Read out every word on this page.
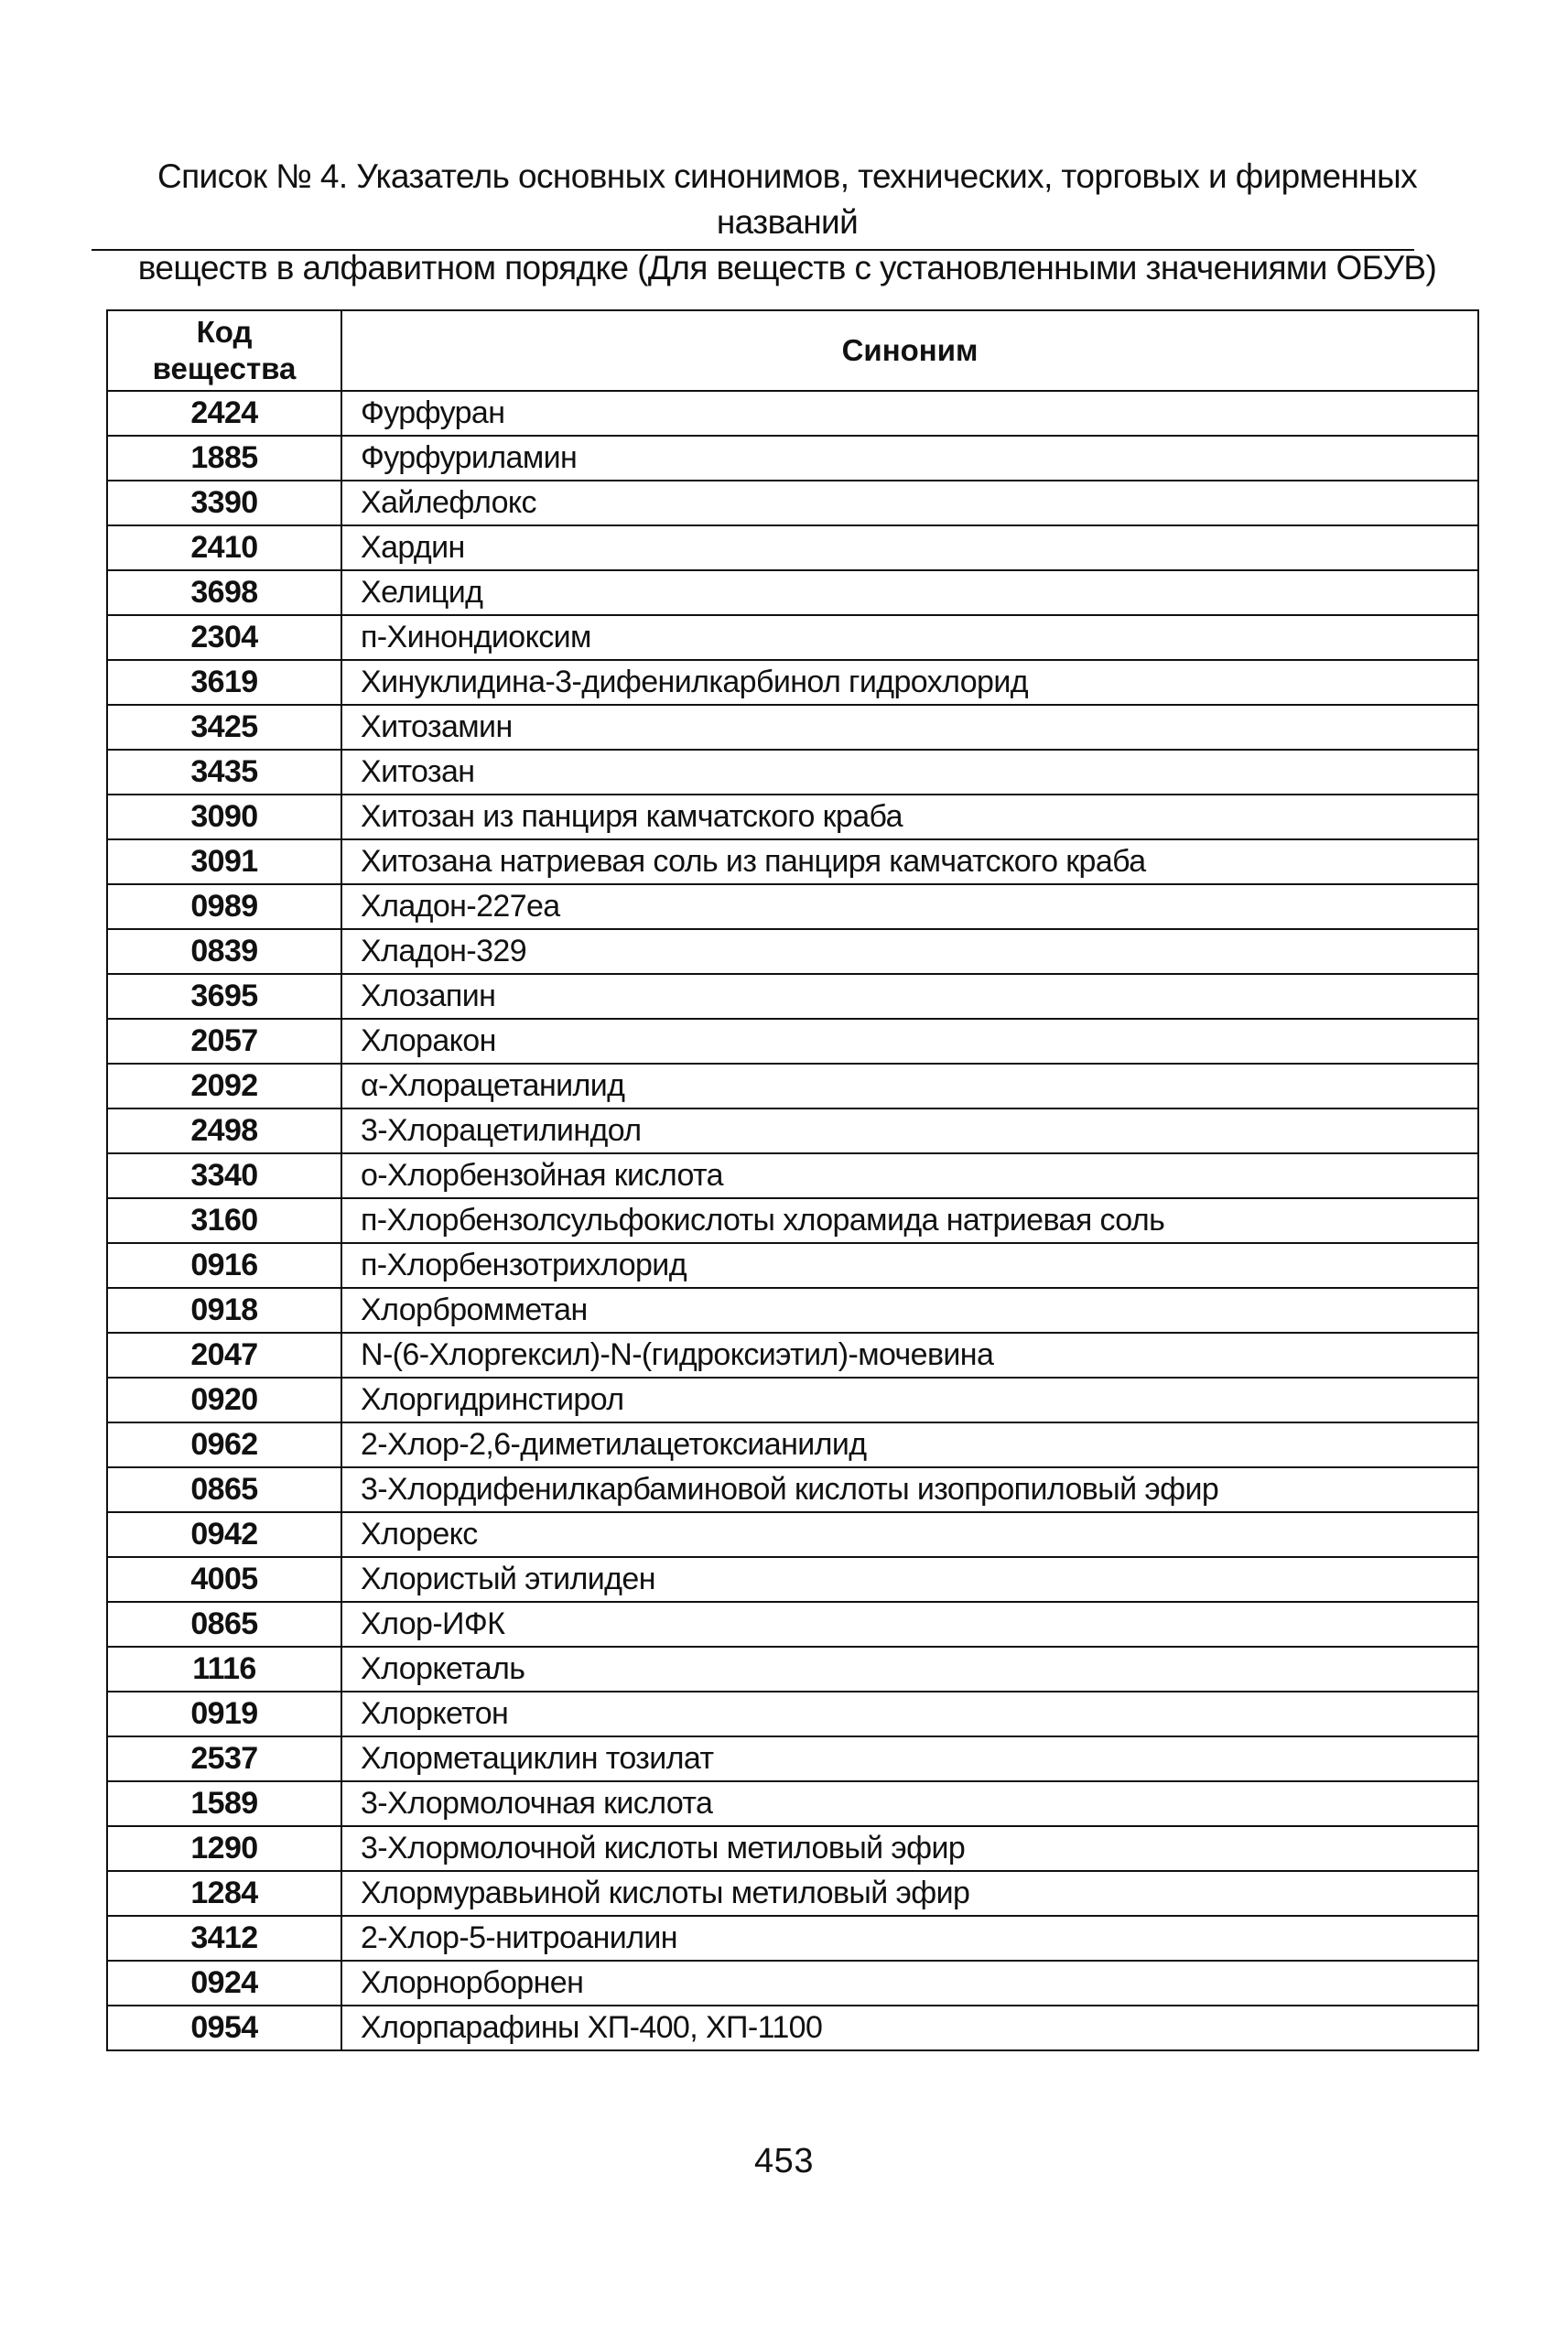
Список № 4. Указатель основных синонимов, технических, торговых и фирменных названий
веществ в алфавитном порядке (Для веществ с установленными значениями ОБУВ)
Код
вещества	Синоним
2424	Фурфуран
1885	Фурфуриламин
3390	Хайлефлокс
2410	Хардин
3698	Хелицид
2304	п-Хинондиоксим
3619	Хинуклидина-3-дифенилкарбинол гидрохлорид
3425	Хитозамин
3435	Хитозан
3090	Хитозан из панциря камчатского краба
3091	Хитозана натриевая соль из панциря камчатского краба
0989	Хладон-227еа
0839	Хладон-329
3695	Хлозапин
2057	Хлоракон
2092	α-Хлорацетанилид
2498	3-Хлорацетилиндол
3340	о-Хлорбензойная кислота
3160	п-Хлорбензолсульфокислоты хлорамида натриевая соль
0916	п-Хлорбензотрихлорид
0918	Хлорбромметан
2047	N-(6-Хлоргексил)-N-(гидроксиэтил)-мочевина
0920	Хлоргидринстирол
0962	2-Хлор-2,6-диметилацетоксианилид
0865	3-Хлордифенилкарбаминовой кислоты изопропиловый эфир
0942	Хлорекс
4005	Хлористый этилиден
0865	Хлор-ИФК
1116	Хлоркеталь
0919	Хлоркетон
2537	Хлорметациклин тозилат
1589	3-Хлормолочная кислота
1290	3-Хлормолочной кислоты метиловый эфир
1284	Хлормуравьиной кислоты метиловый эфир
3412	2-Хлор-5-нитроанилин
0924	Хлорнорборнен
0954	Хлорпарафины ХП-400, ХП-1100
453
